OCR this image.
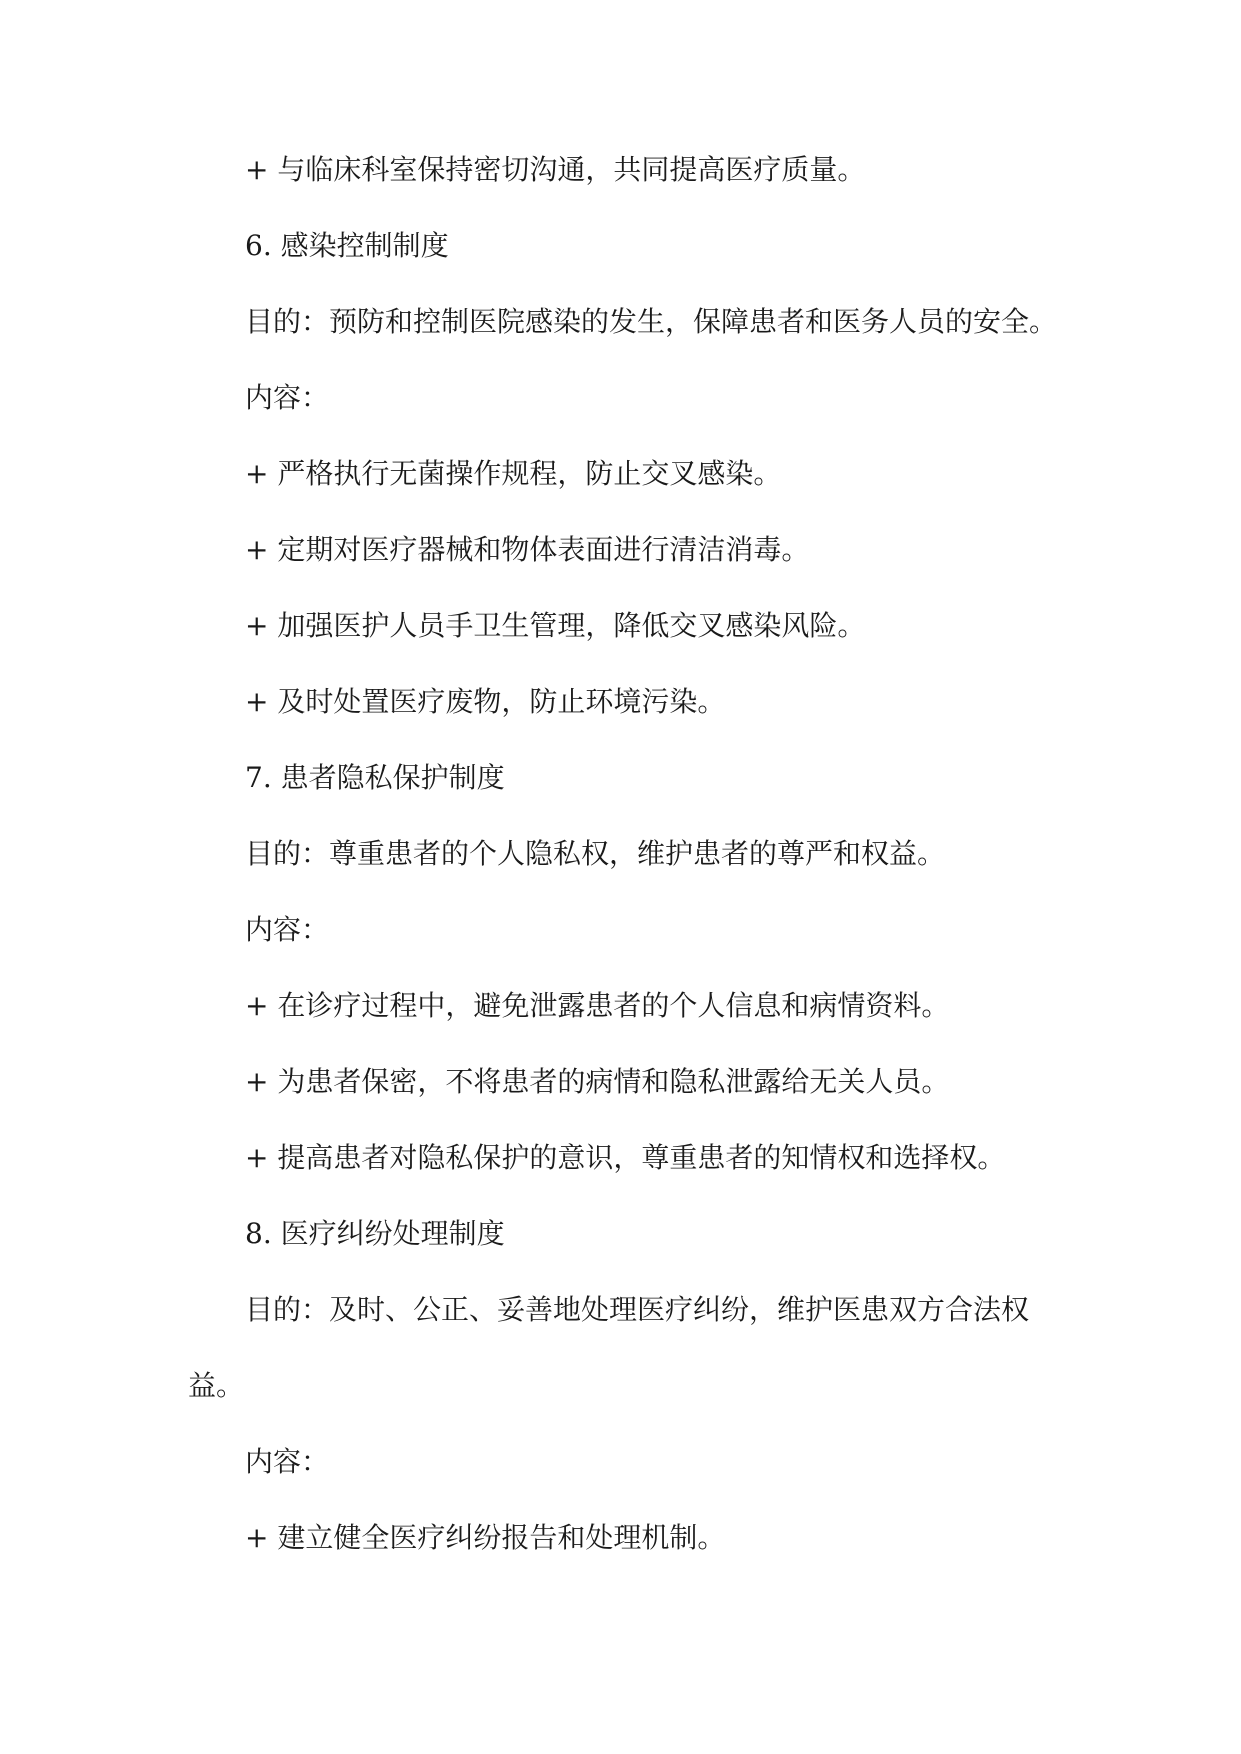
+ 与临床科室保持密切沟通，共同提高医疗质量。
6. 感染控制制度
目的：预防和控制医院感染的发生，保障患者和医务人员的安全。
内容：
+ 严格执行无菌操作规程，防止交叉感染。
+ 定期对医疗器械和物体表面进行清洁消毒。
+ 加强医护人员手卫生管理，降低交叉感染风险。
+ 及时处置医疗废物，防止环境污染。
7. 患者隐私保护制度
目的：尊重患者的个人隐私权，维护患者的尊严和权益。
内容：
+ 在诊疗过程中，避免泄露患者的个人信息和病情资料。
+ 为患者保密，不将患者的病情和隐私泄露给无关人员。
+ 提高患者对隐私保护的意识，尊重患者的知情权和选择权。
8. 医疗纠纷处理制度
目的：及时、公正、妥善地处理医疗纠纷，维护医患双方合法权
益。
内容：
+ 建立健全医疗纠纷报告和处理机制。
